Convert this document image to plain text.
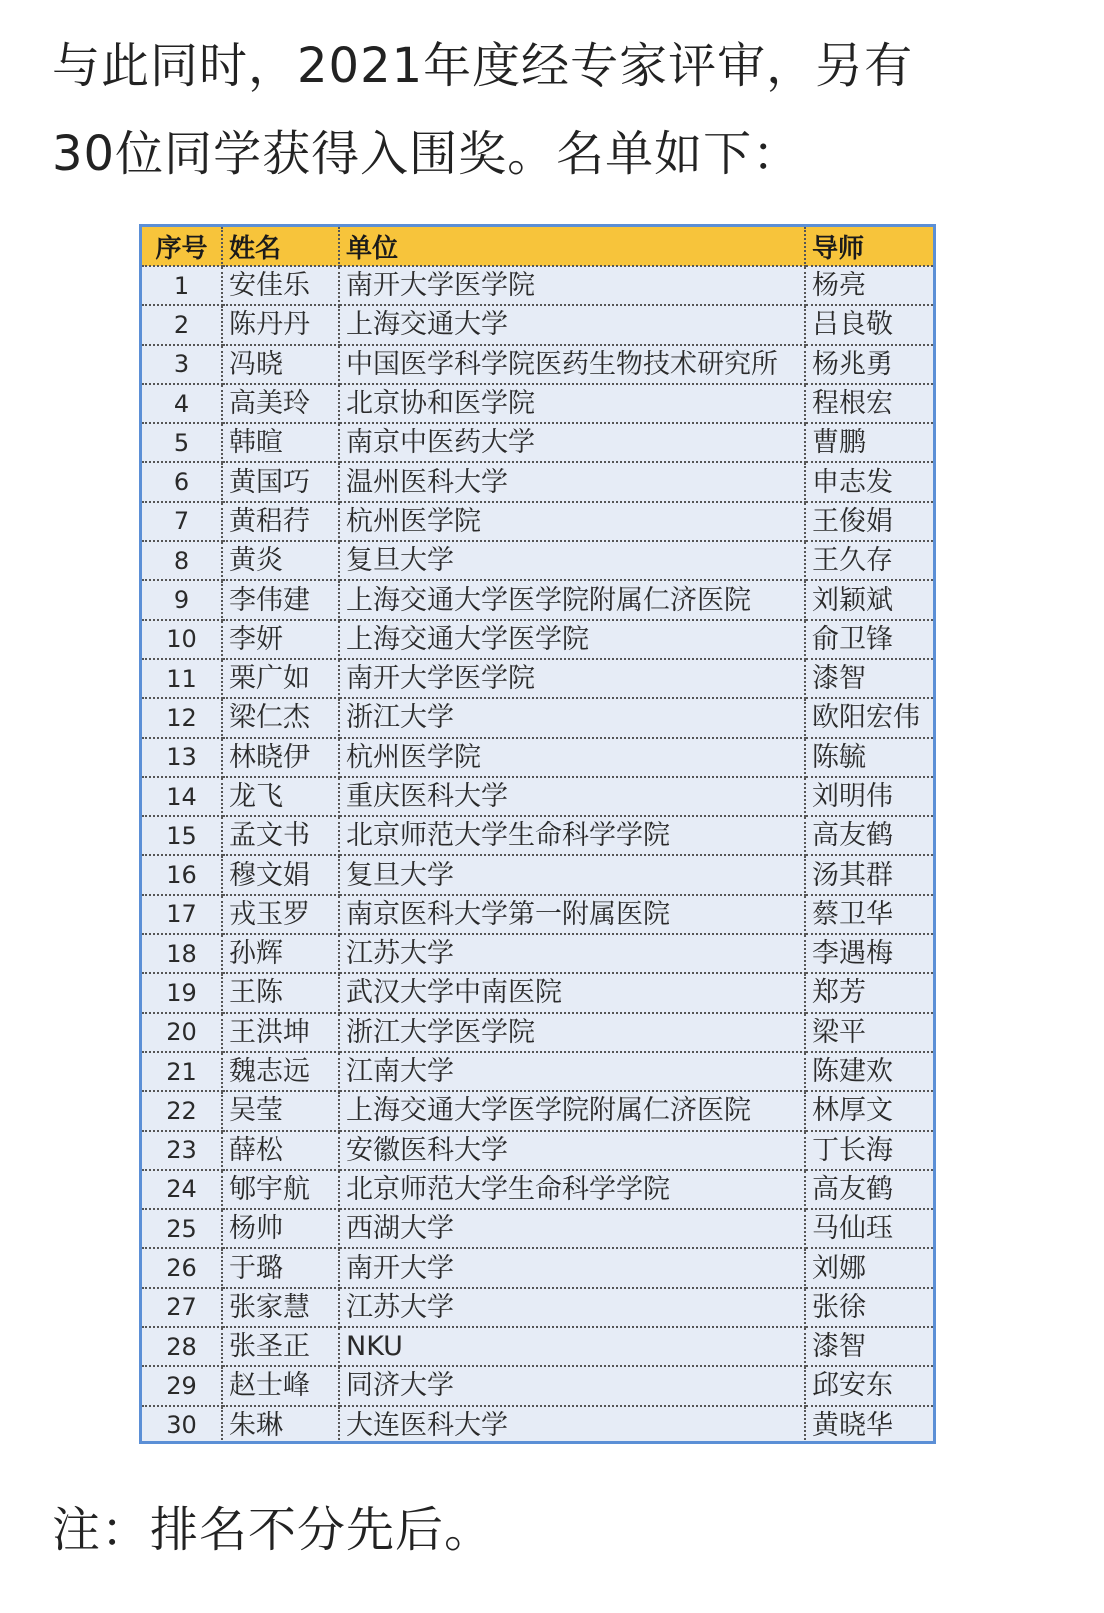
与此同时，2021年度经专家评审，另有

30位同学获得入围奖。名单如下：

序号	姓名	单位	导师
1	安佳乐	南开大学医学院	杨亮
2	陈丹丹	上海交通大学	吕良敬
3	冯晓	中国医学科学院医药生物技术研究所	杨兆勇
4	高美玲	北京协和医学院	程根宏
5	韩暄	南京中医药大学	曹鹏
6	黄国巧	温州医科大学	申志发
7	黄稆荇	杭州医学院	王俊娟
8	黄炎	复旦大学	王久存
9	李伟建	上海交通大学医学院附属仁济医院	刘颖斌
10	李妍	上海交通大学医学院	俞卫锋
11	栗广如	南开大学医学院	漆智
12	梁仁杰	浙江大学	欧阳宏伟
13	林晓伊	杭州医学院	陈毓
14	龙飞	重庆医科大学	刘明伟
15	孟文书	北京师范大学生命科学学院	高友鹤
16	穆文娟	复旦大学	汤其群
17	戎玉罗	南京医科大学第一附属医院	蔡卫华
18	孙辉	江苏大学	李遇梅
19	王陈	武汉大学中南医院	郑芳
20	王洪坤	浙江大学医学院	梁平
21	魏志远	江南大学	陈建欢
22	吴莹	上海交通大学医学院附属仁济医院	林厚文
23	薛松	安徽医科大学	丁长海
24	郇宇航	北京师范大学生命科学学院	高友鹤
25	杨帅	西湖大学	马仙珏
26	于璐	南开大学	刘娜
27	张家慧	江苏大学	张徐
28	张圣正	NKU	漆智
29	赵士峰	同济大学	邱安东
30	朱琳	大连医科大学	黄晓华
注：排名不分先后。
